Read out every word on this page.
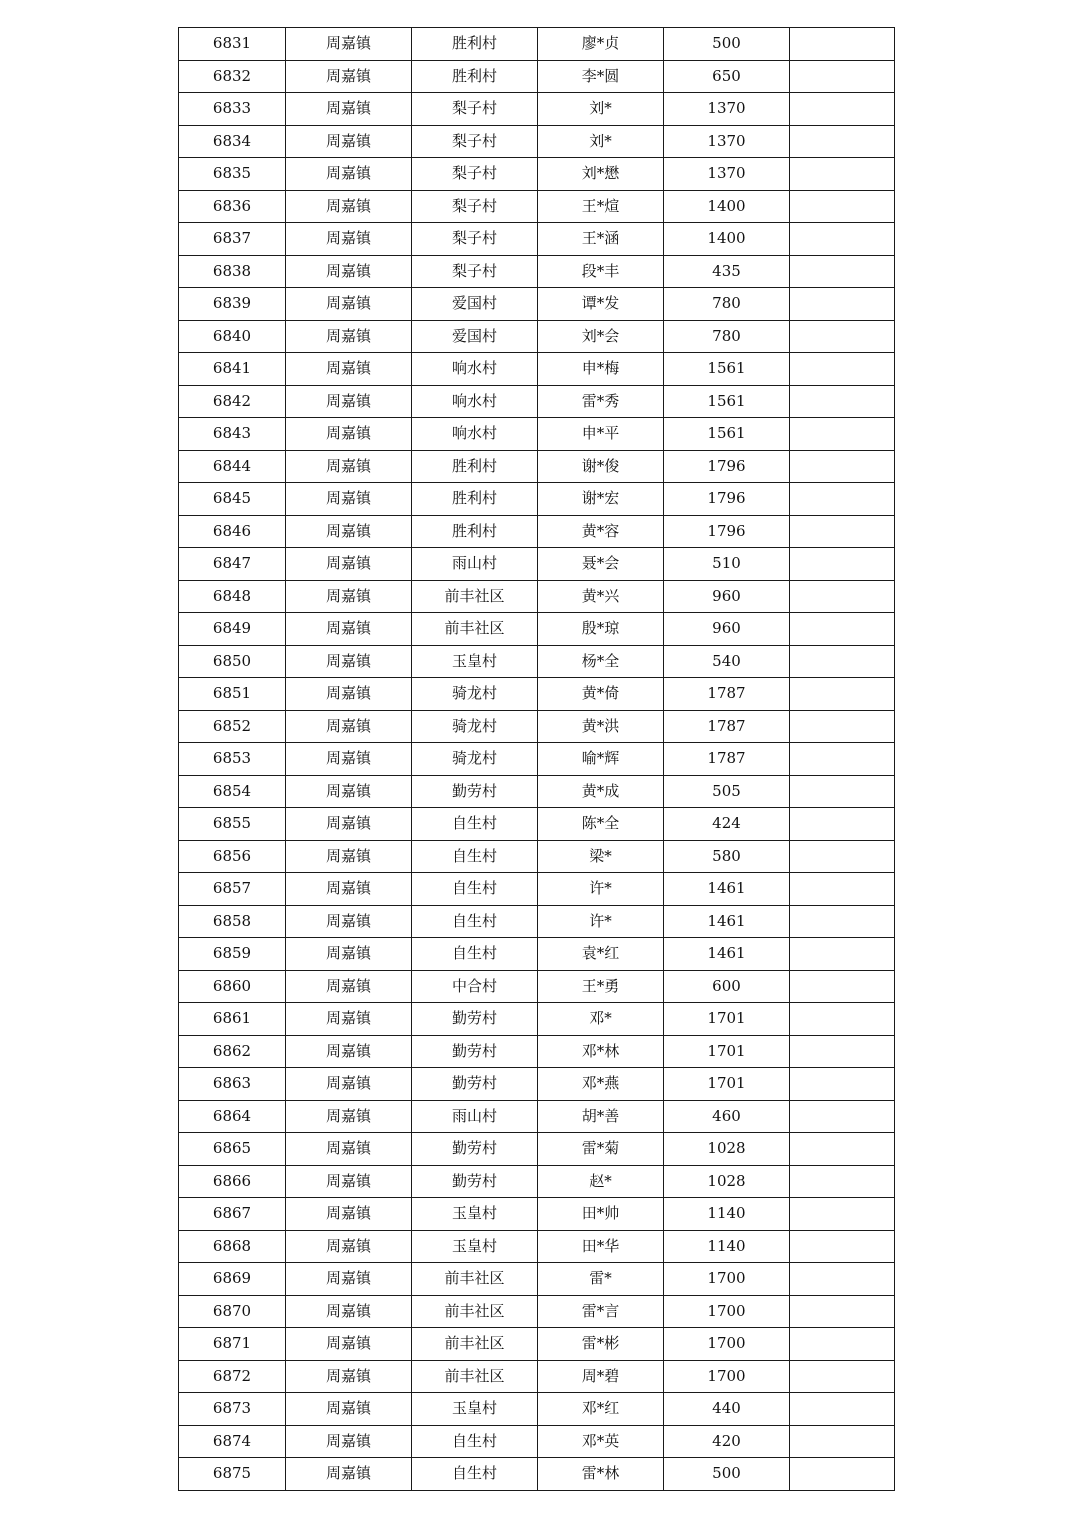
6831	周嘉镇	胜利村	廖*贞	500	
6832	周嘉镇	胜利村	李*圆	650	
6833	周嘉镇	梨子村	刘*	1370	
6834	周嘉镇	梨子村	刘*	1370	
6835	周嘉镇	梨子村	刘*懋	1370	
6836	周嘉镇	梨子村	王*煊	1400	
6837	周嘉镇	梨子村	王*涵	1400	
6838	周嘉镇	梨子村	段*丰	435	
6839	周嘉镇	爱国村	谭*发	780	
6840	周嘉镇	爱国村	刘*会	780	
6841	周嘉镇	响水村	申*梅	1561	
6842	周嘉镇	响水村	雷*秀	1561	
6843	周嘉镇	响水村	申*平	1561	
6844	周嘉镇	胜利村	谢*俊	1796	
6845	周嘉镇	胜利村	谢*宏	1796	
6846	周嘉镇	胜利村	黄*容	1796	
6847	周嘉镇	雨山村	聂*会	510	
6848	周嘉镇	前丰社区	黄*兴	960	
6849	周嘉镇	前丰社区	殷*琼	960	
6850	周嘉镇	玉皇村	杨*全	540	
6851	周嘉镇	骑龙村	黄*倚	1787	
6852	周嘉镇	骑龙村	黄*洪	1787	
6853	周嘉镇	骑龙村	喻*辉	1787	
6854	周嘉镇	勤劳村	黄*成	505	
6855	周嘉镇	自生村	陈*全	424	
6856	周嘉镇	自生村	梁*	580	
6857	周嘉镇	自生村	许*	1461	
6858	周嘉镇	自生村	许*	1461	
6859	周嘉镇	自生村	袁*红	1461	
6860	周嘉镇	中合村	王*勇	600	
6861	周嘉镇	勤劳村	邓*	1701	
6862	周嘉镇	勤劳村	邓*林	1701	
6863	周嘉镇	勤劳村	邓*燕	1701	
6864	周嘉镇	雨山村	胡*善	460	
6865	周嘉镇	勤劳村	雷*菊	1028	
6866	周嘉镇	勤劳村	赵*	1028	
6867	周嘉镇	玉皇村	田*帅	1140	
6868	周嘉镇	玉皇村	田*华	1140	
6869	周嘉镇	前丰社区	雷*	1700	
6870	周嘉镇	前丰社区	雷*言	1700	
6871	周嘉镇	前丰社区	雷*彬	1700	
6872	周嘉镇	前丰社区	周*碧	1700	
6873	周嘉镇	玉皇村	邓*红	440	
6874	周嘉镇	自生村	邓*英	420	
6875	周嘉镇	自生村	雷*林	500	
